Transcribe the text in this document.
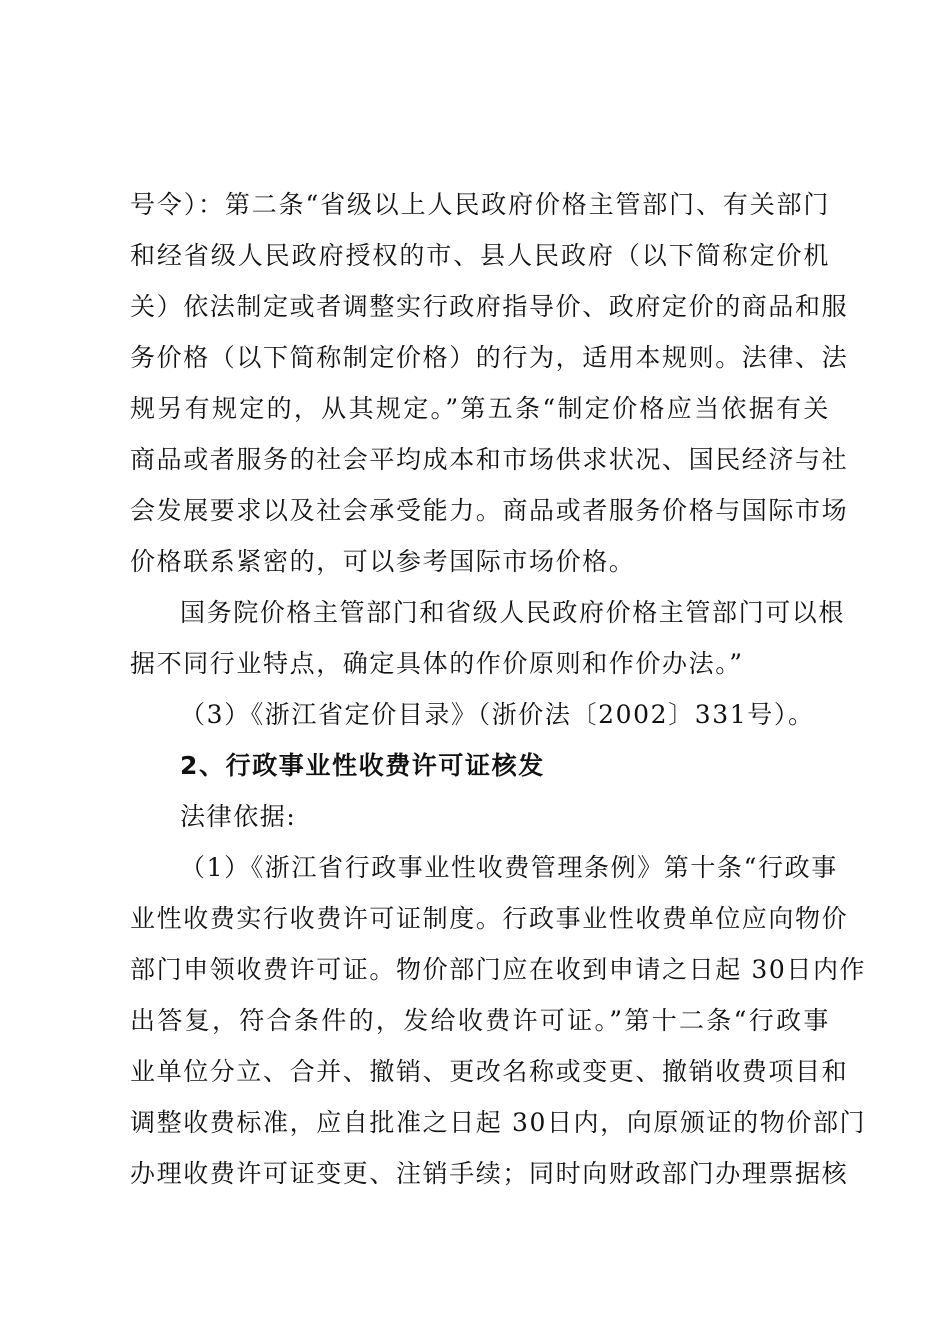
号令）：第二条“省级以上人民政府价格主管部门、有关部门
和经省级人民政府授权的市、县人民政府（以下简称定价机
关）依法制定或者调整实行政府指导价、政府定价的商品和服
务价格（以下简称制定价格）的行为，适用本规则。法律、法
规另有规定的，从其规定。”第五条“制定价格应当依据有关
商品或者服务的社会平均成本和市场供求状况、国民经济与社
会发展要求以及社会承受能力。商品或者服务价格与国际市场
价格联系紧密的，可以参考国际市场价格。
国务院价格主管部门和省级人民政府价格主管部门可以根
据不同行业特点，确定具体的作价原则和作价办法。”
（3）《浙江省定价目录》（浙价法〔2002〕331号）。
2、行政事业性收费许可证核发
法律依据:
（1）《浙江省行政事业性收费管理条例》第十条“行政事
业性收费实行收费许可证制度。行政事业性收费单位应向物价
部门申领收费许可证。物价部门应在收到申请之日起 30日内作
出答复，符合条件的，发给收费许可证。”第十二条“行政事
业单位分立、合并、撤销、更改名称或变更、撤销收费项目和
调整收费标准，应自批准之日起 30日内，向原颁证的物价部门
办理收费许可证变更、注销手续；同时向财政部门办理票据核
